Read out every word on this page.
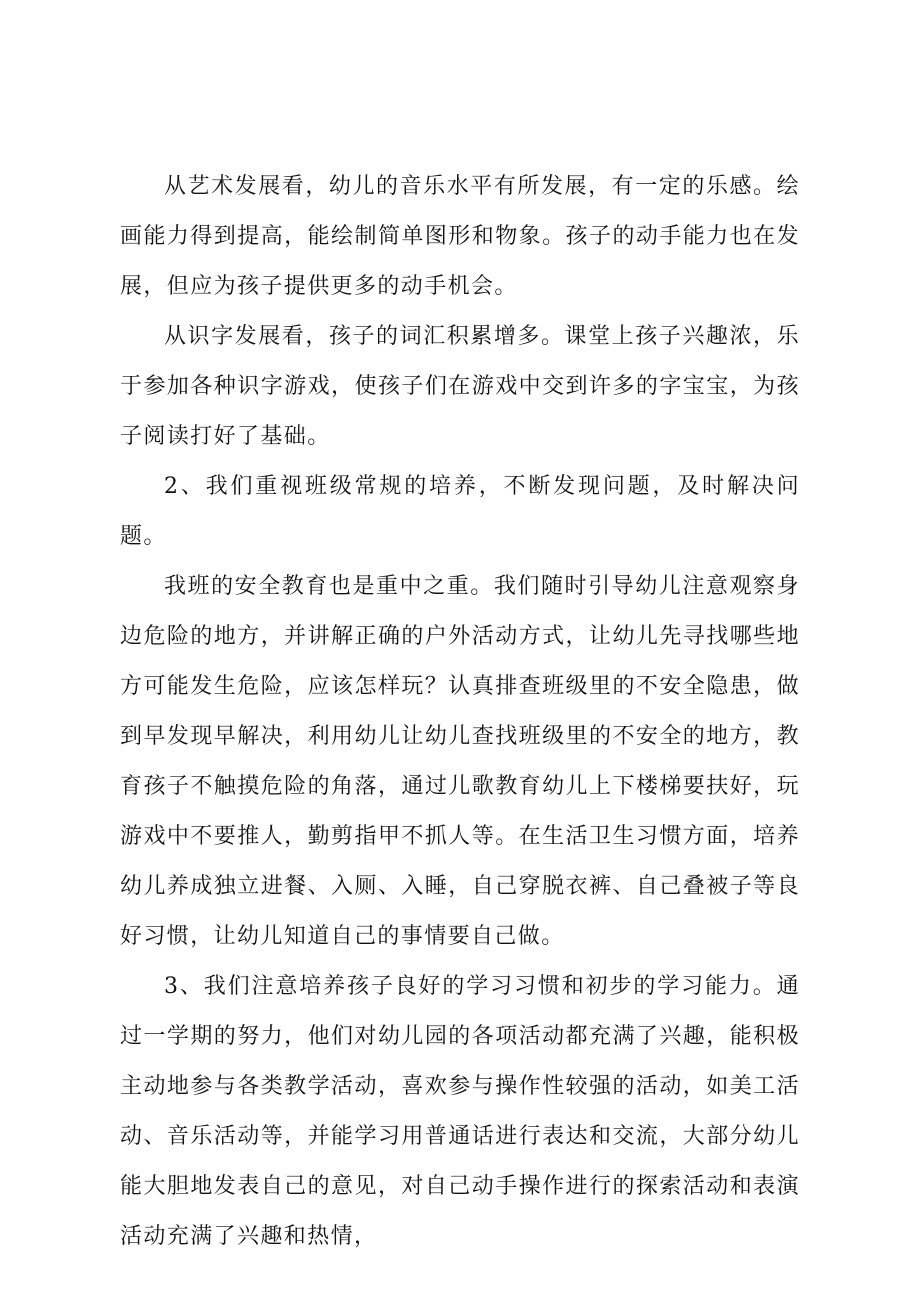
从艺术发展看，幼儿的音乐水平有所发展，有一定的乐感。绘画能力得到提高，能绘制简单图形和物象。孩子的动手能力也在发展，但应为孩子提供更多的动手机会。

从识字发展看，孩子的词汇积累增多。课堂上孩子兴趣浓，乐于参加各种识字游戏，使孩子们在游戏中交到许多的字宝宝，为孩子阅读打好了基础。

2、我们重视班级常规的培养，不断发现问题，及时解决问题。

我班的安全教育也是重中之重。我们随时引导幼儿注意观察身边危险的地方，并讲解正确的户外活动方式，让幼儿先寻找哪些地方可能发生危险，应该怎样玩？认真排查班级里的不安全隐患，做到早发现早解决，利用幼儿让幼儿查找班级里的不安全的地方，教育孩子不触摸危险的角落，通过儿歌教育幼儿上下楼梯要扶好，玩游戏中不要推人，勤剪指甲不抓人等。在生活卫生习惯方面，培养幼儿养成独立进餐、入厕、入睡，自己穿脱衣裤、自己叠被子等良好习惯，让幼儿知道自己的事情要自己做。

3、我们注意培养孩子良好的学习习惯和初步的学习能力。通过一学期的努力，他们对幼儿园的各项活动都充满了兴趣，能积极主动地参与各类教学活动，喜欢参与操作性较强的活动，如美工活动、音乐活动等，并能学习用普通话进行表达和交流，大部分幼儿能大胆地发表自己的意见，对自己动手操作进行的探索活动和表演活动充满了兴趣和热情，
